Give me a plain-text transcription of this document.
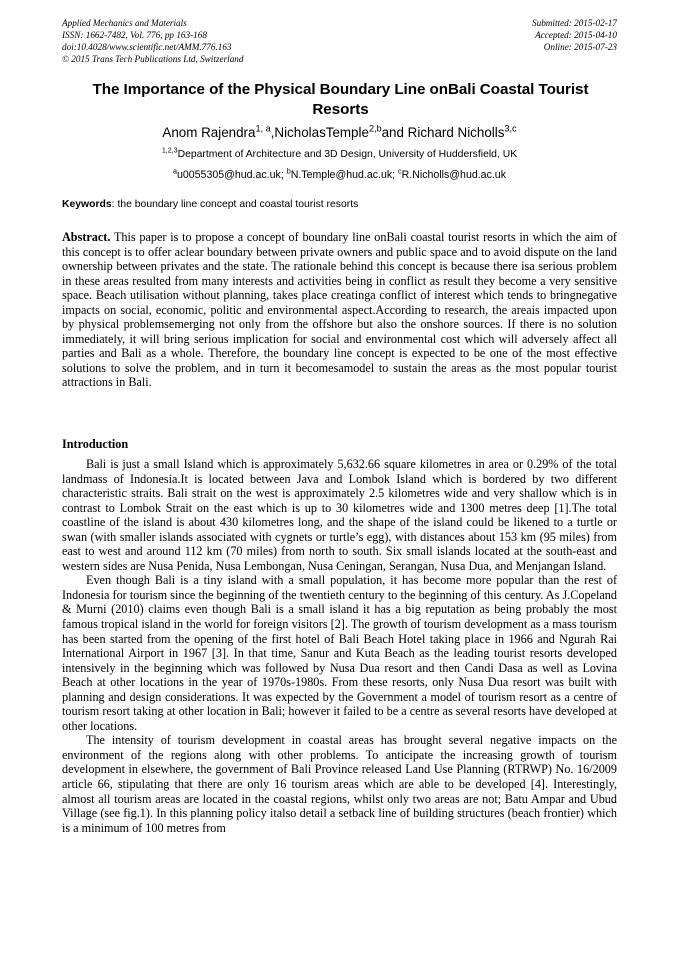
Applied Mechanics and Materials	Submitted: 2015-02-17
ISSN: 1662-7482, Vol. 776, pp 163-168	Accepted: 2015-04-10
doi:10.4028/www.scientific.net/AMM.776.163	Online: 2015-07-23
© 2015 Trans Tech Publications Ltd, Switzerland
The Importance of the Physical Boundary Line onBali Coastal Tourist Resorts
Anom Rajendra$^{1, a}$,NicholasTemple$^{2,b}$and Richard Nicholls$^{3,c}$
$^{1,2,3}$Department of Architecture and 3D Design, University of Huddersfield, UK
$^a$u0055305@hud.ac.uk; $^b$N.Temple@hud.ac.uk; $^c$R.Nicholls@hud.ac.uk
Keywords: the boundary line concept and coastal tourist resorts
Abstract. This paper is to propose a concept of boundary line onBali coastal tourist resorts in which the aim of this concept is to offer aclear boundary between private owners and public space and to avoid dispute on the land ownership between privates and the state. The rationale behind this concept is because there isa serious problem in these areas resulted from many interests and activities being in conflict as result they become a very sensitive space. Beach utilisation without planning, takes place creatinga conflict of interest which tends to bringnegative impacts on social, economic, politic and environmental aspect.According to research, the areais impacted upon by physical problemsemerging not only from the offshore but also the onshore sources. If there is no solution immediately, it will bring serious implication for social and environmental cost which will adversely affect all parties and Bali as a whole. Therefore, the boundary line concept is expected to be one of the most effective solutions to solve the problem, and in turn it becomesamodel to sustain the areas as the most popular tourist attractions in Bali.
Introduction

Bali is just a small Island which is approximately 5,632.66 square kilometres in area or 0.29% of the total landmass of Indonesia.It is located between Java and Lombok Island which is bordered by two different characteristic straits. Bali strait on the west is approximately 2.5 kilometres wide and very shallow which is in contrast to Lombok Strait on the east which is up to 30 kilometres wide and 1300 metres deep [1].The total coastline of the island is about 430 kilometres long, and the shape of the island could be likened to a turtle or swan (with smaller islands associated with cygnets or turtle’s egg), with distances about 153 km (95 miles) from east to west and around 112 km (70 miles) from north to south. Six small islands located at the south-east and western sides are Nusa Penida, Nusa Lembongan, Nusa Ceningan, Serangan, Nusa Dua, and Menjangan Island.

Even though Bali is a tiny island with a small population, it has become more popular than the rest of Indonesia for tourism since the beginning of the twentieth century to the beginning of this century. As J.Copeland & Murni (2010) claims even though Bali is a small island it has a big reputation as being probably the most famous tropical island in the world for foreign visitors [2]. The growth of tourism development as a mass tourism has been started from the opening of the first hotel of Bali Beach Hotel taking place in 1966 and Ngurah Rai International Airport in 1967 [3]. In that time, Sanur and Kuta Beach as the leading tourist resorts developed intensively in the beginning which was followed by Nusa Dua resort and then Candi Dasa as well as Lovina Beach at other locations in the year of 1970s-1980s. From these resorts, only Nusa Dua resort was built with planning and design considerations. It was expected by the Government a model of tourism resort as a centre of tourism resort taking at other location in Bali; however it failed to be a centre as several resorts have developed at other locations.

The intensity of tourism development in coastal areas has brought several negative impacts on the environment of the regions along with other problems. To anticipate the increasing growth of tourism development in elsewhere, the government of Bali Province released Land Use Planning (RTRWP) No. 16/2009 article 66, stipulating that there are only 16 tourism areas which are able to be developed [4]. Interestingly, almost all tourism areas are located in the coastal regions, whilst only two areas are not; Batu Ampar and Ubud Village (see fig.1). In this planning policy italso detail a setback line of building structures (beach frontier) which is a minimum of 100 metres from
